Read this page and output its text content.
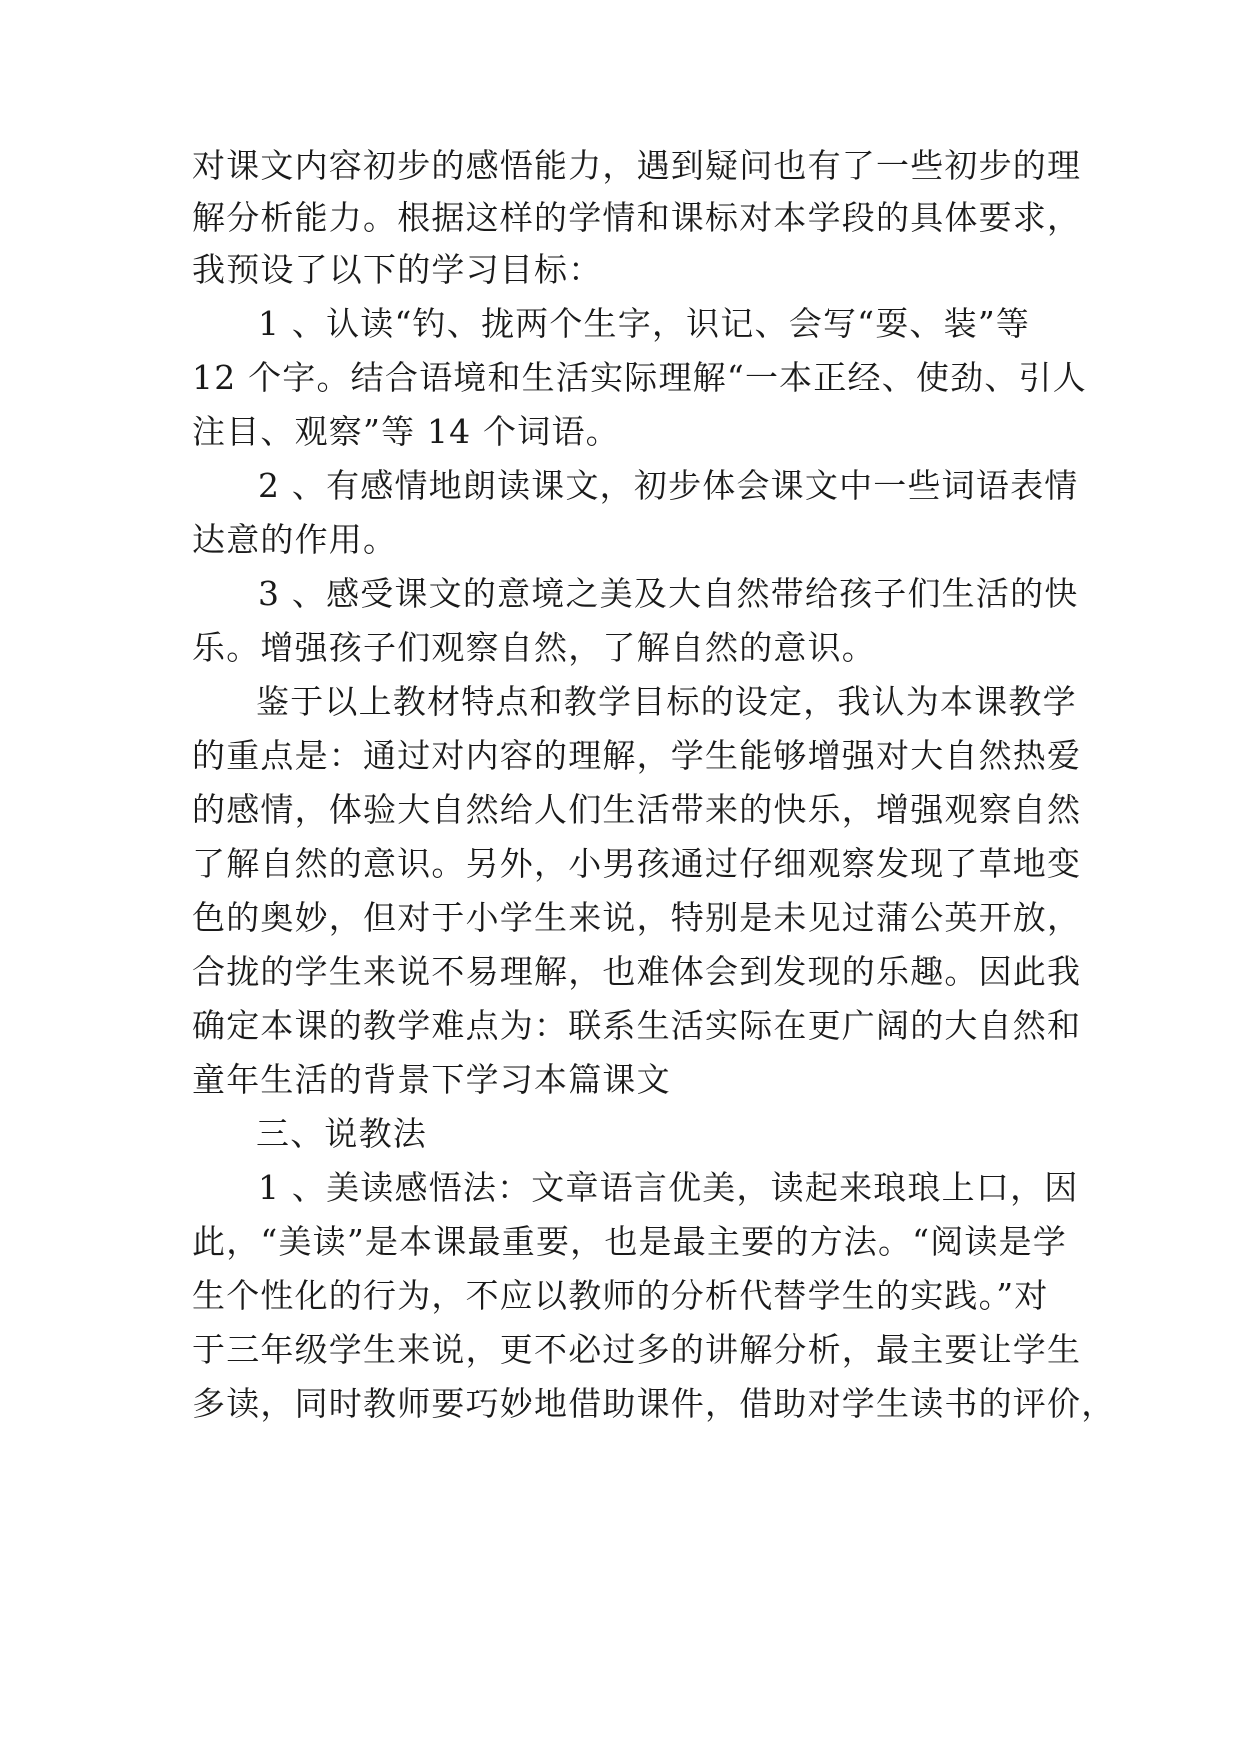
对课文内容初步的感悟能力，遇到疑问也有了一些初步的理
解分析能力。根据这样的学情和课标对本学段的具体要求，
我预设了以下的学习目标：
1 、认读“钓、拢两个生字，识记、会写“耍、装”等
12 个字。结合语境和生活实际理解“一本正经、使劲、引人
注目、观察”等 14 个词语。
2 、有感情地朗读课文，初步体会课文中一些词语表情
达意的作用。
3 、感受课文的意境之美及大自然带给孩子们生活的快
乐。增强孩子们观察自然，了解自然的意识。
鉴于以上教材特点和教学目标的设定，我认为本课教学
的重点是：通过对内容的理解，学生能够增强对大自然热爱
的感情，体验大自然给人们生活带来的快乐，增强观察自然
了解自然的意识。另外，小男孩通过仔细观察发现了草地变
色的奥妙，但对于小学生来说，特别是未见过蒲公英开放，
合拢的学生来说不易理解，也难体会到发现的乐趣。因此我
确定本课的教学难点为：联系生活实际在更广阔的大自然和
童年生活的背景下学习本篇课文
三、说教法
1 、美读感悟法：文章语言优美，读起来琅琅上口，因
此，“美读”是本课最重要，也是最主要的方法。“阅读是学
生个性化的行为，不应以教师的分析代替学生的实践。”对
于三年级学生来说，更不必过多的讲解分析，最主要让学生
多读，同时教师要巧妙地借助课件，借助对学生读书的评价，
